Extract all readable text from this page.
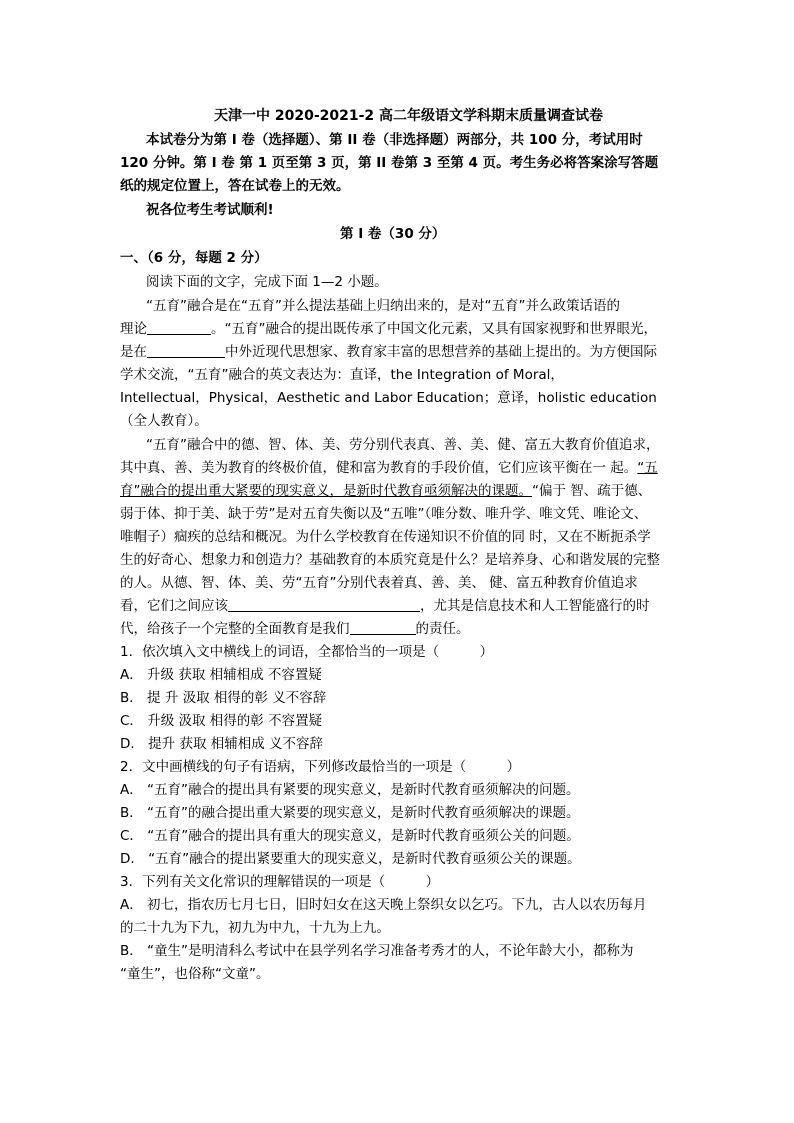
天津一中 2020-2021-2 高二年级语文学科期末质量调查试卷
本试卷分为第 I 卷（选择题）、第 II 卷（非选择题）两部分，共 100 分，考试用时
120 分钟。第 I 卷 第 1 页至第 3 页，第 II 卷第 3 至第 4 页。考生务必将答案涂写答题
纸的规定位置上，答在试卷上的无效。
祝各位考生考试顺利!
第 I 卷（30 分）
一、（6 分，每题 2 分）
阅读下面的文字，完成下面 1—2 小题。
“五育”融合是在“五育”并么提法基础上归纳出来的，是对“五育”并么政策话语的
理论	。“五育”融合的提出既传承了中国文化元素，又具有国家视野和世界眼光，
是在	中外近现代思想家、教育家丰富的思想营养的基础上提出的。为方便国际
学术交流，“五育”融合的英文表达为：直译，the Integration of Moral，
Intellectual，Physical，Aesthetic and Labor Education；意译，holistic education
（全人教育）。
“五育”融合中的德、智、体、美、劳分别代表真、善、美、健、富五大教育价值追求，
其中真、善、美为教育的终极价值，健和富为教育的手段价值，它们应该平衡在一 起。“五
育”融合的提出重大紧要的现实意义，是新时代教育亟须解决的课题。“偏于 智、疏于德、
弱于体、抑于美、缺于劳”是对五育失衡以及“五唯”（唯分数、唯升学、唯文凭、唯论文、
唯帽子）痼疾的总结和概况。为什么学校教育在传递知识不价值的同 时，又在不断扼杀学
生的好奇心、想象力和创造力？基础教育的本质究竟是什么？是培养身、心和谐发展的完整
的人。从德、智、体、美、劳“五育”分别代表着真、善、美、 健、富五种教育价值追求
看，它们之间应该	，尤其是信息技术和人工智能盛行的时
代，给孩子一个完整的全面教育是我们	的责任。
1．依次填入文中横线上的词语，全都恰当的一项是（　　　）
A． 升级 获取 相辅相成 不容置疑
B． 提 升 汲取 相得的彰 义不容辞
C． 升级 汲取 相得的彰 不容置疑
D． 提升 获取 相辅相成 义不容辞
2．文中画横线的句子有语病，下列修改最恰当的一项是（　　　）
A． “五育”融合的提出具有紧要的现实意义，是新时代教育亟须解决的问题。
B． “五育”的融合提出重大紧要的现实意义，是新时代教育亟须解决的课题。
C． “五育”融合的提出具有重大的现实意义，是新时代教育亟须公关的问题。
D． “五育”融合的提出紧要重大的现实意义，是新时代教育亟须公关的课题。
3．下列有关文化常识的理解错误的一项是（　　　）
A． 初七，指农历七月七日，旧时妇女在这天晚上祭织女以乞巧。下九，古人以农历每月
的二十九为下九，初九为中九，十九为上九。
B． “童生”是明清科么考试中在县学列名学习准备考秀才的人，不论年龄大小，都称为
“童生”，也俗称“文童”。
